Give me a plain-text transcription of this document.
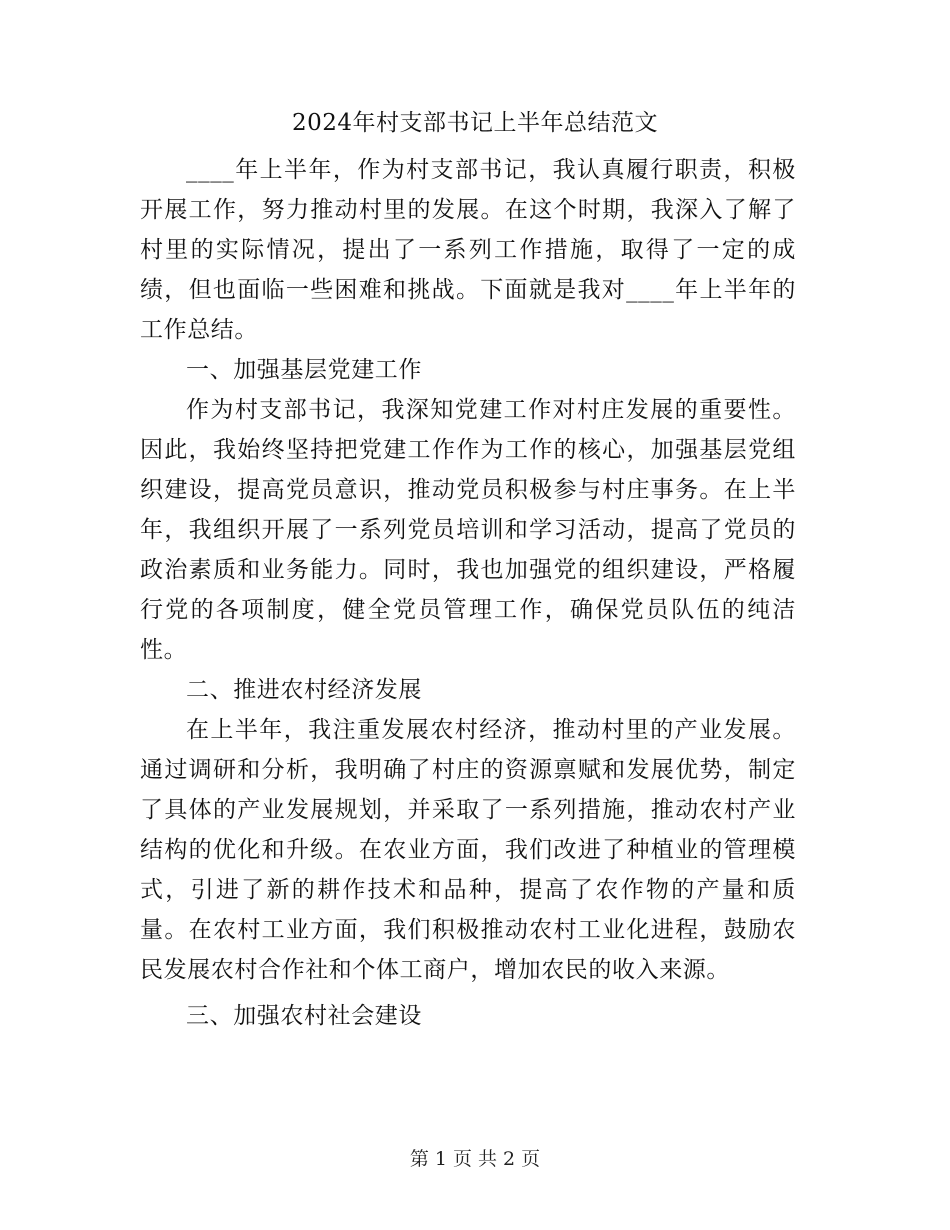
2024年村支部书记上半年总结范文

____年上半年，作为村支部书记，我认真履行职责，积极开展工作，努力推动村里的发展。在这个时期，我深入了解了村里的实际情况，提出了一系列工作措施，取得了一定的成绩，但也面临一些困难和挑战。下面就是我对____年上半年的工作总结。

一、加强基层党建工作

作为村支部书记，我深知党建工作对村庄发展的重要性。因此，我始终坚持把党建工作作为工作的核心，加强基层党组织建设，提高党员意识，推动党员积极参与村庄事务。在上半年，我组织开展了一系列党员培训和学习活动，提高了党员的政治素质和业务能力。同时，我也加强党的组织建设，严格履行党的各项制度，健全党员管理工作，确保党员队伍的纯洁性。

二、推进农村经济发展

在上半年，我注重发展农村经济，推动村里的产业发展。通过调研和分析，我明确了村庄的资源禀赋和发展优势，制定了具体的产业发展规划，并采取了一系列措施，推动农村产业结构的优化和升级。在农业方面，我们改进了种植业的管理模式，引进了新的耕作技术和品种，提高了农作物的产量和质量。在农村工业方面，我们积极推动农村工业化进程，鼓励农民发展农村合作社和个体工商户，增加农民的收入来源。

三、加强农村社会建设

第 1 页 共 2 页
